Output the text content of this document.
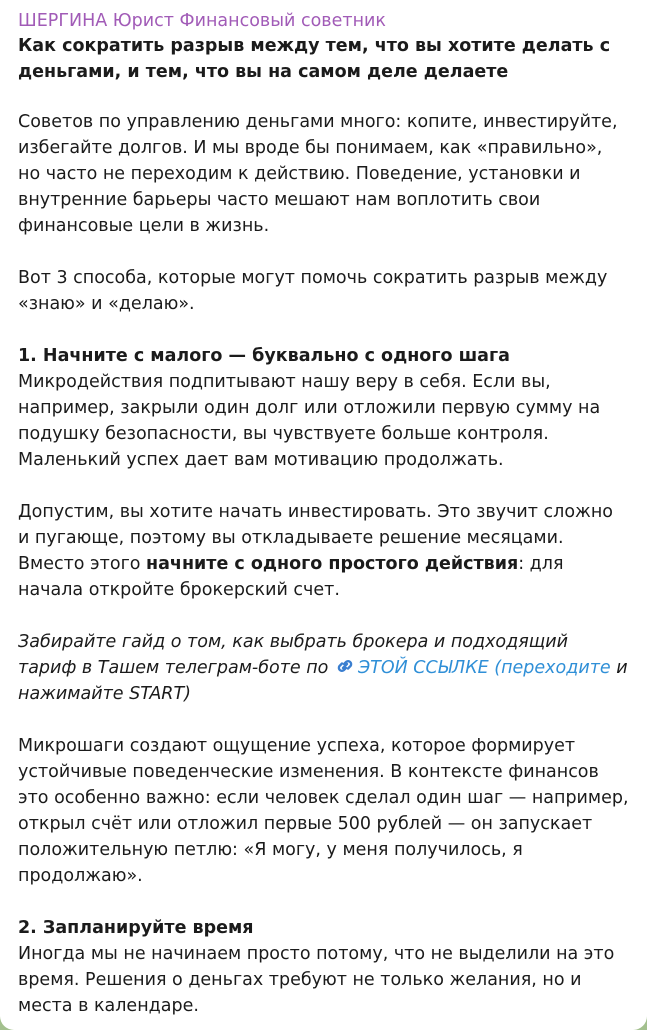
ШЕРГИНА Юрист Финансовый советник
Как сократить разрыв между тем, что вы хотите делать с деньгами, и тем, что вы на самом деле делаете

Советов по управлению деньгами много: копите, инвестируйте, избегайте долгов. И мы вроде бы понимаем, как «правильно», но часто не переходим к действию. Поведение, установки и внутренние барьеры часто мешают нам воплотить свои финансовые цели в жизнь.

Вот 3 способа, которые могут помочь сократить разрыв между «знаю» и «делаю».

1. Начните с малого — буквально с одного шага
Микродействия подпитывают нашу веру в себя. Если вы, например, закрыли один долг или отложили первую сумму на подушку безопасности, вы чувствуете больше контроля. Маленький успех дает вам мотивацию продолжать.

Допустим, вы хотите начать инвестировать. Это звучит сложно и пугающе, поэтому вы откладываете решение месяцами. Вместо этого начните с одного простого действия: для начала откройте брокерский счет.

Забирайте гайд о том, как выбрать брокера и подходящий тариф в Ташем телеграм-боте по ЭТОЙ ССЫЛКЕ (переходите и нажимайте START)

Микрошаги создают ощущение успеха, которое формирует устойчивые поведенческие изменения. В контексте финансов это особенно важно: если человек сделал один шаг — например, открыл счёт или отложил первые 500 рублей — он запускает положительную петлю: «Я могу, у меня получилось, я продолжаю».

2. Запланируйте время
Иногда мы не начинаем просто потому, что не выделили на это время. Решения о деньгах требуют не только желания, но и места в календаре.
